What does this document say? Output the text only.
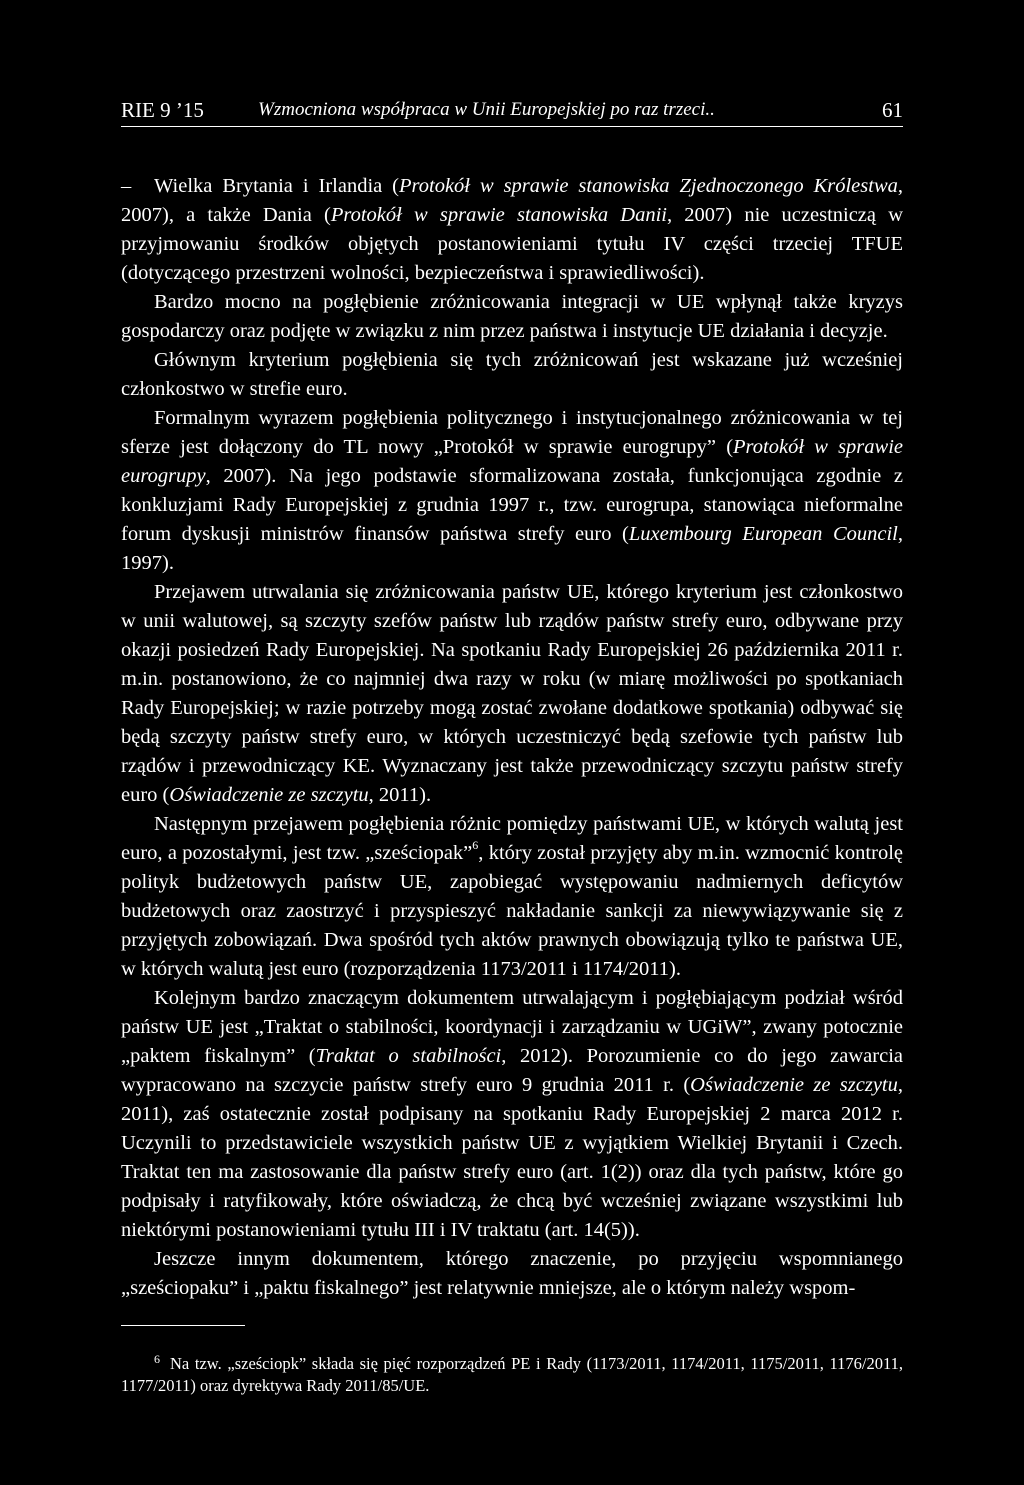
RIE 9 ’15	Wzmocniona współpraca w Unii Europejskiej po raz trzeci..	61

– Wielka Brytania i Irlandia (Protokół w sprawie stanowiska Zjednoczonego Królestwa, 2007), a także Dania (Protokół w sprawie stanowiska Danii, 2007) nie uczestniczą w przyjmowaniu środków objętych postanowieniami tytułu IV części trzeciej TFUE (dotyczącego przestrzeni wolności, bezpieczeństwa i sprawiedliwości).

Bardzo mocno na pogłębienie zróżnicowania integracji w UE wpłynął także kryzys gospodarczy oraz podjęte w związku z nim przez państwa i instytucje UE działania i decyzje.

Głównym kryterium pogłębienia się tych zróżnicowań jest wskazane już wcześniej członkostwo w strefie euro.

Formalnym wyrazem pogłębienia politycznego i instytucjonalnego zróżnicowania w tej sferze jest dołączony do TL nowy „Protokół w sprawie eurogrupy” (Protokół w sprawie eurogrupy, 2007). Na jego podstawie sformalizowana została, funkcjonująca zgodnie z konkluzjami Rady Europejskiej z grudnia 1997 r., tzw. eurogrupa, stanowiąca nieformalne forum dyskusji ministrów finansów państwa strefy euro (Luxembourg European Council, 1997).

Przejawem utrwalania się zróżnicowania państw UE, którego kryterium jest członkostwo w unii walutowej, są szczyty szefów państw lub rządów państw strefy euro, odbywane przy okazji posiedzeń Rady Europejskiej. Na spotkaniu Rady Europejskiej 26 października 2011 r. m.in. postanowiono, że co najmniej dwa razy w roku (w miarę możliwości po spotkaniach Rady Europejskiej; w razie potrzeby mogą zostać zwołane dodatkowe spotkania) odbywać się będą szczyty państw strefy euro, w których uczestniczyć będą szefowie tych państw lub rządów i przewodniczący KE. Wyznaczany jest także przewodniczący szczytu państw strefy euro (Oświadczenie ze szczytu, 2011).

Następnym przejawem pogłębienia różnic pomiędzy państwami UE, w których walutą jest euro, a pozostałymi, jest tzw. „sześciopak”$^6$, który został przyjęty aby m.in. wzmocnić kontrolę polityk budżetowych państw UE, zapobiegać występowaniu nadmiernych deficytów budżetowych oraz zaostrzyć i przyspieszyć nakładanie sankcji za niewywiązywanie się z przyjętych zobowiązań. Dwa spośród tych aktów prawnych obowiązują tylko te państwa UE, w których walutą jest euro (rozporządzenia 1173/2011 i 1174/2011).

Kolejnym bardzo znaczącym dokumentem utrwalającym i pogłębiającym podział wśród państw UE jest „Traktat o stabilności, koordynacji i zarządzaniu w UGiW”, zwany potocznie „paktem fiskalnym” (Traktat o stabilności, 2012). Porozumienie co do jego zawarcia wypracowano na szczycie państw strefy euro 9 grudnia 2011 r. (Oświadczenie ze szczytu, 2011), zaś ostatecznie został podpisany na spotkaniu Rady Europejskiej 2 marca 2012 r. Uczynili to przedstawiciele wszystkich państw UE z wyjątkiem Wielkiej Brytanii i Czech. Traktat ten ma zastosowanie dla państw strefy euro (art. 1(2)) oraz dla tych państw, które go podpisały i ratyfikowały, które oświadczą, że chcą być wcześniej związane wszystkimi lub niektórymi postanowieniami tytułu III i IV traktatu (art. 14(5)).

Jeszcze innym dokumentem, którego znaczenie, po przyjęciu wspomnianego „sześciopaku” i „paktu fiskalnego” jest relatywnie mniejsze, ale o którym należy wspom-

6 Na tzw. „sześciopk” składa się pięć rozporządzeń PE i Rady (1173/2011, 1174/2011, 1175/2011, 1176/2011, 1177/2011) oraz dyrektywa Rady 2011/85/UE.
